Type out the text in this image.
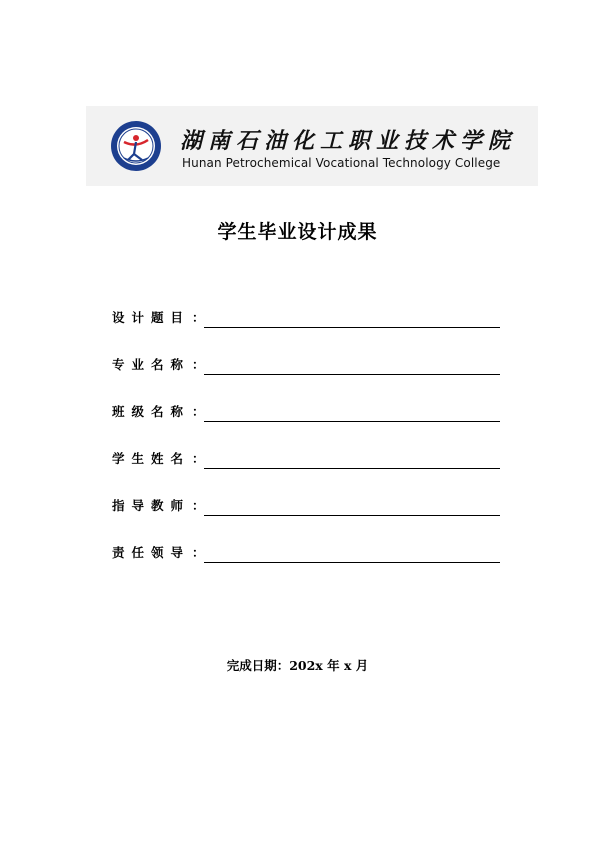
湖南石油化工职业技术学院
Hunan Petrochemical Vocational Technology College
学生毕业设计成果
设计题目 ：
专业名称 ：
班级名称 ：
学生姓名 ：
指导教师 ：
责任领导 ：
完成日期：202x 年 x 月
